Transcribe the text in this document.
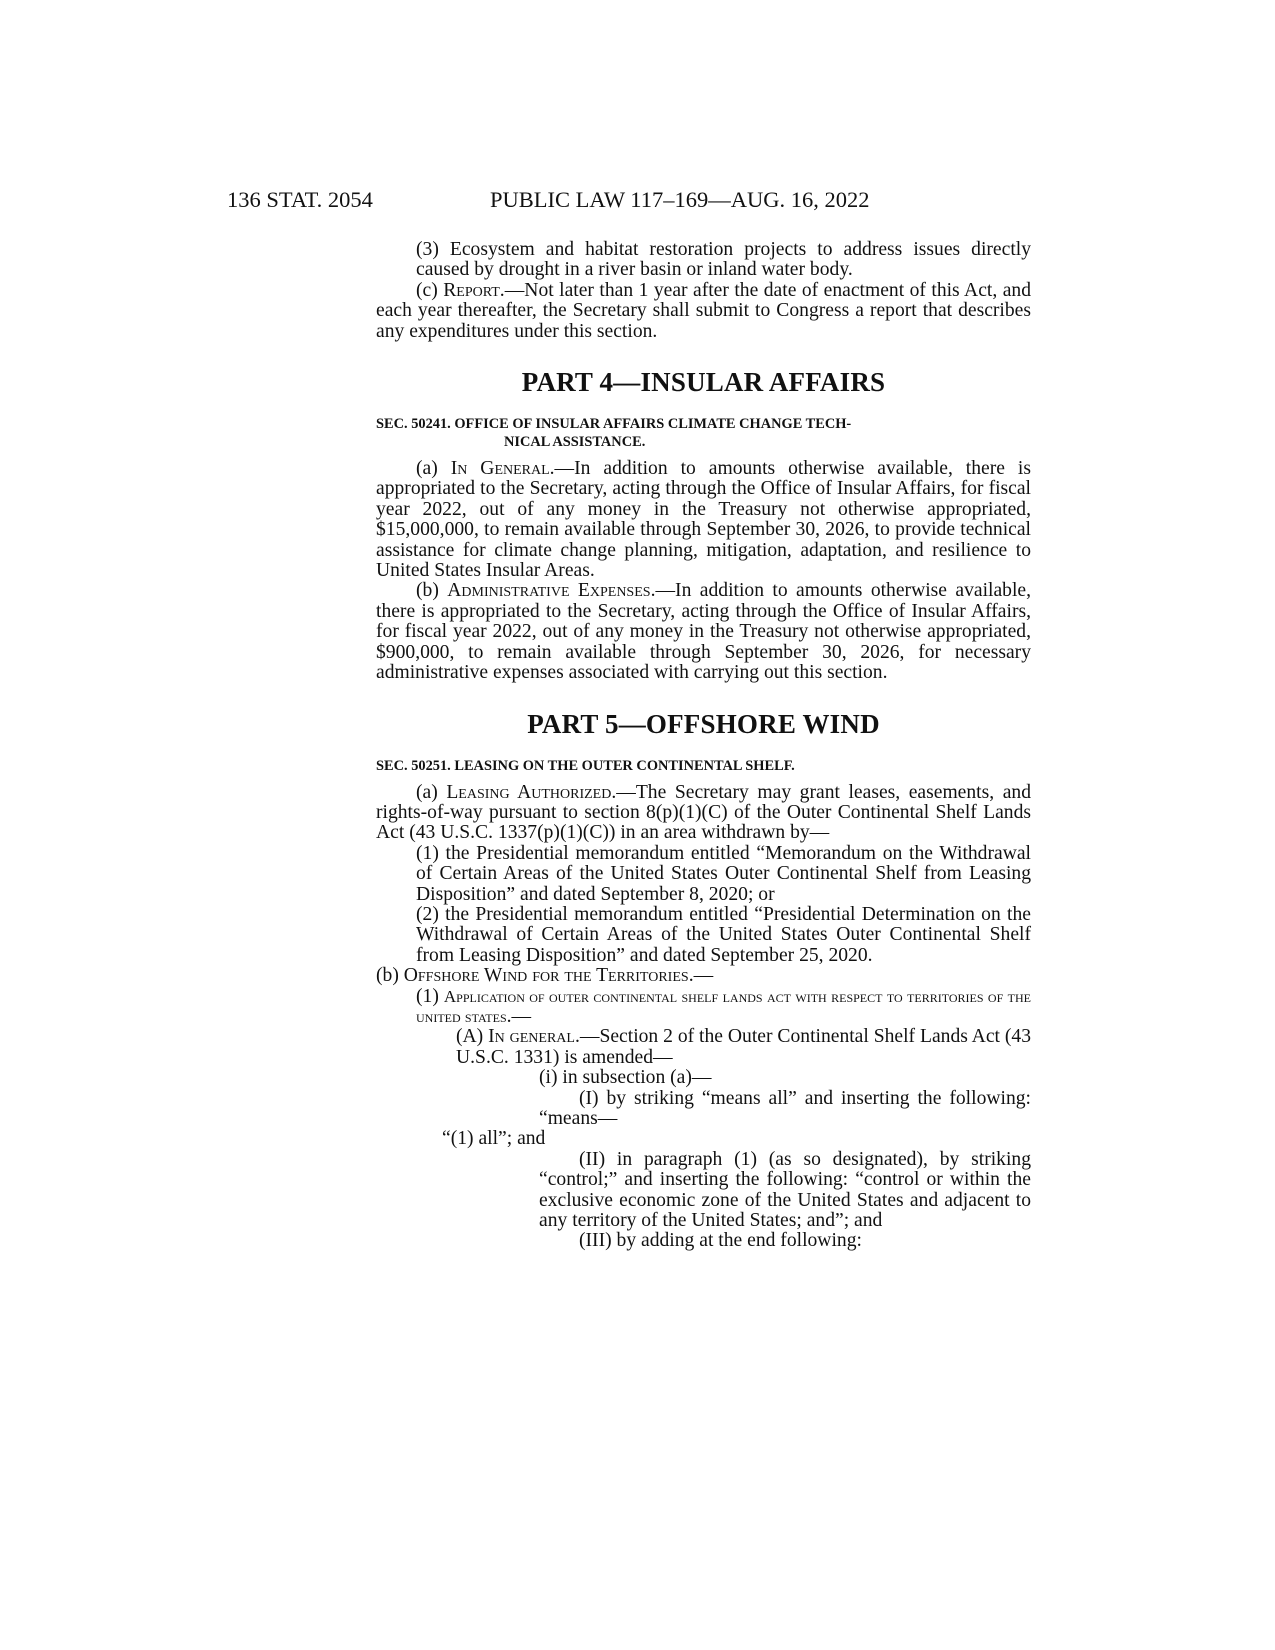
136 STAT. 2054	PUBLIC LAW 117–169—AUG. 16, 2022

(3) Ecosystem and habitat restoration projects to address issues directly caused by drought in a river basin or inland water body.

(c) Report.—Not later than 1 year after the date of enactment of this Act, and each year thereafter, the Secretary shall submit to Congress a report that describes any expenditures under this section.

PART 4—INSULAR AFFAIRS
SEC. 50241. OFFICE OF INSULAR AFFAIRS CLIMATE CHANGE TECH-
NICAL ASSISTANCE.

(a) In General.—In addition to amounts otherwise available, there is appropriated to the Secretary, acting through the Office of Insular Affairs, for fiscal year 2022, out of any money in the Treasury not otherwise appropriated, $15,000,000, to remain available through September 30, 2026, to provide technical assistance for climate change planning, mitigation, adaptation, and resilience to United States Insular Areas.

(b) Administrative Expenses.—In addition to amounts otherwise available, there is appropriated to the Secretary, acting through the Office of Insular Affairs, for fiscal year 2022, out of any money in the Treasury not otherwise appropriated, $900,000, to remain available through September 30, 2026, for necessary administrative expenses associated with carrying out this section.

PART 5—OFFSHORE WIND
SEC. 50251. LEASING ON THE OUTER CONTINENTAL SHELF.

(a) Leasing Authorized.—The Secretary may grant leases, easements, and rights-of-way pursuant to section 8(p)(1)(C) of the Outer Continental Shelf Lands Act (43 U.S.C. 1337(p)(1)(C)) in an area withdrawn by—

(1) the Presidential memorandum entitled “Memorandum on the Withdrawal of Certain Areas of the United States Outer Continental Shelf from Leasing Disposition” and dated September 8, 2020; or

(2) the Presidential memorandum entitled “Presidential Determination on the Withdrawal of Certain Areas of the United States Outer Continental Shelf from Leasing Disposition” and dated September 25, 2020.

(b) Offshore Wind for the Territories.—

(1) Application of outer continental shelf lands act with respect to territories of the united states.—

(A) In general.—Section 2 of the Outer Continental Shelf Lands Act (43 U.S.C. 1331) is amended—

(i) in subsection (a)—

(I) by striking “means all” and inserting the following: “means—

“(1) all”; and

(II) in paragraph (1) (as so designated), by striking “control;” and inserting the following: “control or within the exclusive economic zone of the United States and adjacent to any territory of the United States; and”; and

(III) by adding at the end following:
